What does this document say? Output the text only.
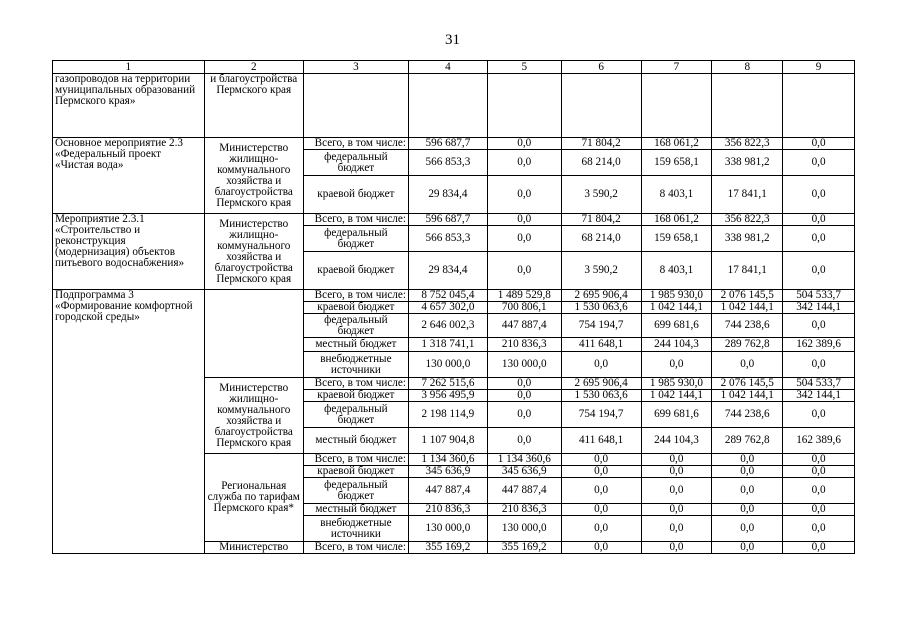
31
1	2	3	4	5	6	7	8	9
газопроводов на территории муниципальных образований Пермского края»	и благоустройства Пермского края							
Основное мероприятие 2.3 «Федеральный проект «Чистая вода»	Министерство жилищно-коммунального хозяйства и благоустройства Пермского края	Всего, в том числе:	596 687,7	0,0	71 804,2	168 061,2	356 822,3	0,0
		федеральный бюджет	566 853,3	0,0	68 214,0	159 658,1	338 981,2	0,0
		краевой бюджет	29 834,4	0,0	3 590,2	8 403,1	17 841,1	0,0
Мероприятие 2.3.1 «Строительство и реконструкция (модернизация) объектов питьевого водоснабжения»	Министерство жилищно-коммунального хозяйства и благоустройства Пермского края	Всего, в том числе:	596 687,7	0,0	71 804,2	168 061,2	356 822,3	0,0
		федеральный бюджет	566 853,3	0,0	68 214,0	159 658,1	338 981,2	0,0
		краевой бюджет	29 834,4	0,0	3 590,2	8 403,1	17 841,1	0,0
Подпрограмма 3 «Формирование комфортной городской среды»		Всего, в том числе:	8 752 045,4	1 489 529,8	2 695 906,4	1 985 930,0	2 076 145,5	504 533,7
		краевой бюджет	4 657 302,0	700 806,1	1 530 063,6	1 042 144,1	1 042 144,1	342 144,1
		федеральный бюджет	2 646 002,3	447 887,4	754 194,7	699 681,6	744 238,6	0,0
		местный бюджет	1 318 741,1	210 836,3	411 648,1	244 104,3	289 762,8	162 389,6
		внебюджетные источники	130 000,0	130 000,0	0,0	0,0	0,0	0,0
	Министерство жилищно-коммунального хозяйства и благоустройства Пермского края	Всего, в том числе:	7 262 515,6	0,0	2 695 906,4	1 985 930,0	2 076 145,5	504 533,7
		краевой бюджет	3 956 495,9	0,0	1 530 063,6	1 042 144,1	1 042 144,1	342 144,1
		федеральный бюджет	2 198 114,9	0,0	754 194,7	699 681,6	744 238,6	0,0
		местный бюджет	1 107 904,8	0,0	411 648,1	244 104,3	289 762,8	162 389,6
	Региональная служба по тарифам Пермского края*	Всего, в том числе:	1 134 360,6	1 134 360,6	0,0	0,0	0,0	0,0
		краевой бюджет	345 636,9	345 636,9	0,0	0,0	0,0	0,0
		федеральный бюджет	447 887,4	447 887,4	0,0	0,0	0,0	0,0
		местный бюджет	210 836,3	210 836,3	0,0	0,0	0,0	0,0
		внебюджетные источники	130 000,0	130 000,0	0,0	0,0	0,0	0,0
	Министерство	Всего, в том числе:	355 169,2	355 169,2	0,0	0,0	0,0	0,0
